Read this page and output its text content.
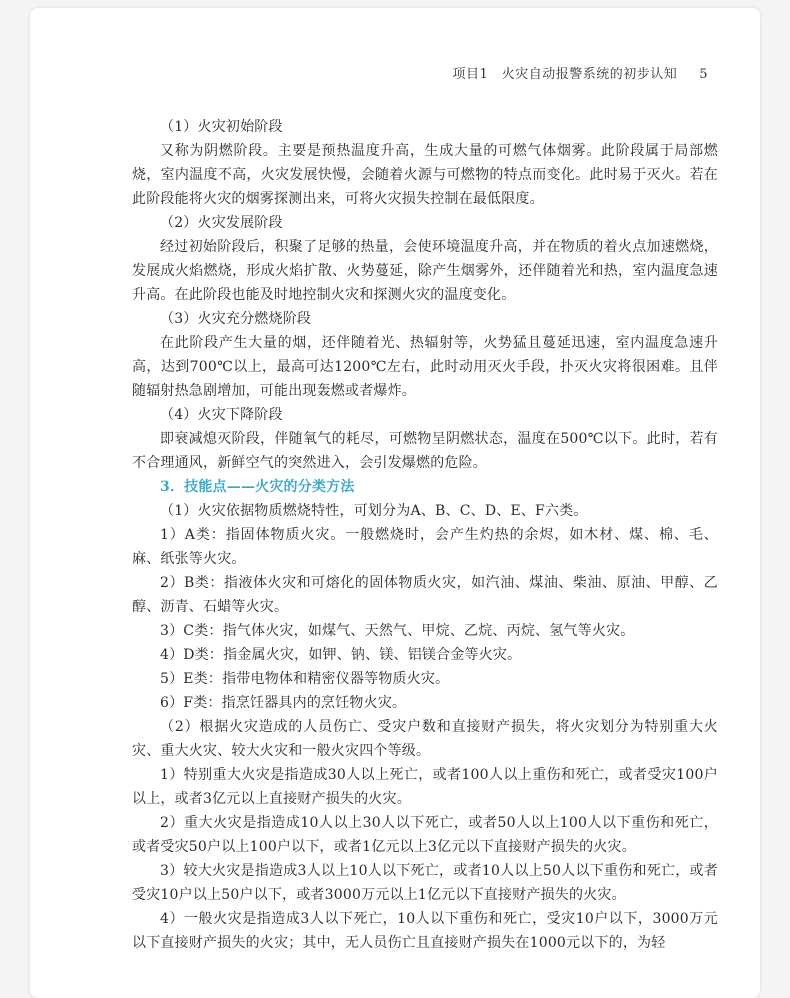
项目1　火灾自动报警系统的初步认知 5

（1）火灾初始阶段

又称为阴燃阶段。主要是预热温度升高，生成大量的可燃气体烟雾。此阶段属于局部燃烧，室内温度不高，火灾发展快慢，会随着火源与可燃物的特点而变化。此时易于灭火。若在此阶段能将火灾的烟雾探测出来，可将火灾损失控制在最低限度。

（2）火灾发展阶段

经过初始阶段后，积聚了足够的热量，会使环境温度升高，并在物质的着火点加速燃烧，发展成火焰燃烧，形成火焰扩散、火势蔓延，除产生烟雾外，还伴随着光和热，室内温度急速升高。在此阶段也能及时地控制火灾和探测火灾的温度变化。

（3）火灾充分燃烧阶段

在此阶段产生大量的烟，还伴随着光、热辐射等，火势猛且蔓延迅速，室内温度急速升高，达到700℃以上，最高可达1200℃左右，此时动用灭火手段，扑灭火灾将很困难。且伴随辐射热急剧增加，可能出现轰燃或者爆炸。

（4）火灾下降阶段

即衰减熄灭阶段，伴随氧气的耗尽，可燃物呈阴燃状态，温度在500℃以下。此时，若有不合理通风，新鲜空气的突然进入，会引发爆燃的危险。

3．技能点——火灾的分类方法

（1）火灾依据物质燃烧特性，可划分为A、B、C、D、E、F六类。

1）A类：指固体物质火灾。一般燃烧时，会产生灼热的余烬，如木材、煤、棉、毛、麻、纸张等火灾。

2）B类：指液体火灾和可熔化的固体物质火灾，如汽油、煤油、柴油、原油、甲醇、乙醇、沥青、石蜡等火灾。

3）C类：指气体火灾，如煤气、天然气、甲烷、乙烷、丙烷、氢气等火灾。

4）D类：指金属火灾，如钾、钠、镁、铝镁合金等火灾。

5）E类：指带电物体和精密仪器等物质火灾。

6）F类：指烹饪器具内的烹饪物火灾。

（2）根据火灾造成的人员伤亡、受灾户数和直接财产损失，将火灾划分为特别重大火灾、重大火灾、较大火灾和一般火灾四个等级。

1）特别重大火灾是指造成30人以上死亡，或者100人以上重伤和死亡，或者受灾100户以上，或者3亿元以上直接财产损失的火灾。

2）重大火灾是指造成10人以上30人以下死亡，或者50人以上100人以下重伤和死亡，或者受灾50户以上100户以下，或者1亿元以上3亿元以下直接财产损失的火灾。

3）较大火灾是指造成3人以上10人以下死亡，或者10人以上50人以下重伤和死亡，或者受灾10户以上50户以下，或者3000万元以上1亿元以下直接财产损失的火灾。

4）一般火灾是指造成3人以下死亡，10人以下重伤和死亡，受灾10户以下，3000万元以下直接财产损失的火灾；其中，无人员伤亡且直接财产损失在1000元以下的，为轻
